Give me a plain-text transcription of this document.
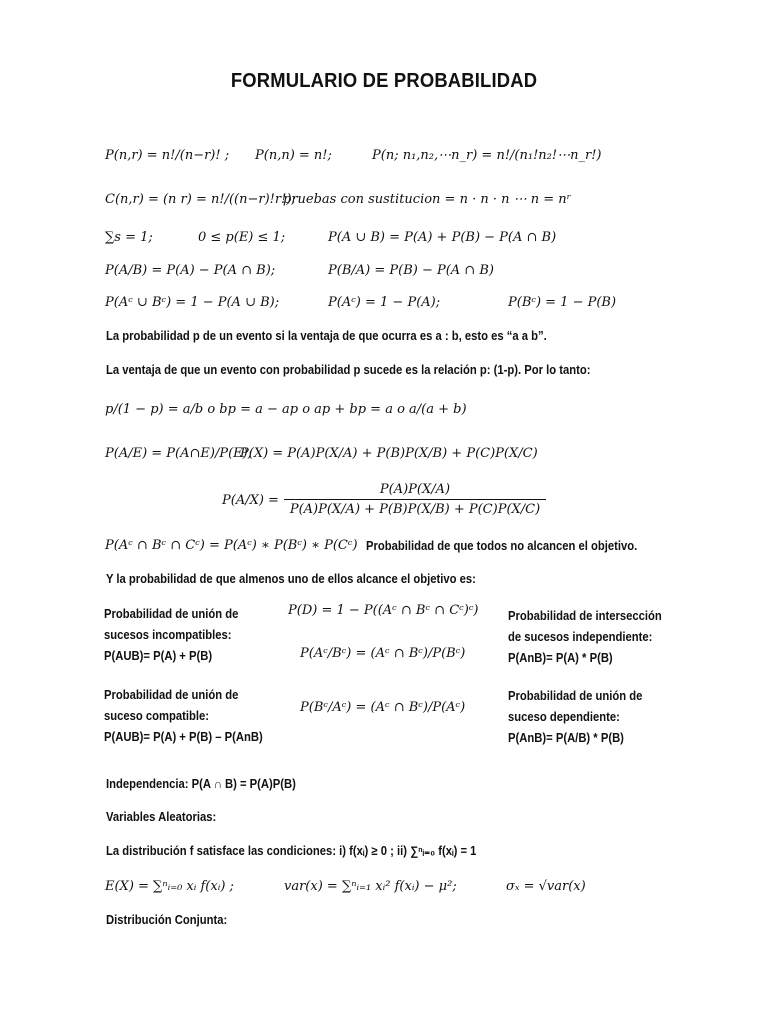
FORMULARIO DE PROBABILIDAD
P(n,r) = n!/(n−r)! ; P(n,n) = n!;	P(n; n₁,n₂,⋯n_r) = n!/(n₁!n₂!⋯n_r!)
C(n,r) = (n r) = n!/((n−r)!r!);
pruebas con sustitucion = n · n · n ⋯ n = nʳ
∑s = 1;	0 ≤ p(E) ≤ 1;	P(A ∪ B) = P(A) + P(B) − P(A ∩ B)
P(A/B) = P(A) − P(A ∩ B);	P(B/A) = P(B) − P(A ∩ B)
P(Aᶜ ∪ Bᶜ) = 1 − P(A ∪ B);	P(Aᶜ) = 1 − P(A);	P(Bᶜ) = 1 − P(B)
La probabilidad p de un evento si la ventaja de que ocurra es a : b, esto es “a a b”.
La ventaja de que un evento con probabilidad p sucede es la relación p: (1-p). Por lo tanto:
p/(1 − p) = a/b o bp = a − ap o ap + bp = a o a/(a + b)
P(A/E) = P(A∩E)/P(E);
P(X) = P(A)P(X/A) + P(B)P(X/B) + P(C)P(X/C)
$P(A/X) = \frac{P(A)P(X/A)}{P(A)P(X/A) + P(B)P(X/B) + P(C)P(X/C)}$
P(Aᶜ ∩ Bᶜ ∩ Cᶜ) = P(Aᶜ) ∗ P(Bᶜ) ∗ P(Cᶜ) Probabilidad de que todos no alcancen el objetivo.
Y la probabilidad de que almenos uno de ellos alcance el objetivo es:
Probabilidad de unión de
sucesos incompatibles:
P(AUB)= P(A) + P(B)
Probabilidad de unión de
suceso compatible:
P(AUB)= P(A) + P(B) – P(AnB)
P(D) = 1 − P((Aᶜ ∩ Bᶜ ∩ Cᶜ)ᶜ)
P(Aᶜ/Bᶜ) = (Aᶜ ∩ Bᶜ)/P(Bᶜ)
P(Bᶜ/Aᶜ) = (Aᶜ ∩ Bᶜ)/P(Aᶜ)
Probabilidad de intersección
de sucesos independiente:
P(AnB)= P(A) * P(B)
Probabilidad de unión de
suceso dependiente:
P(AnB)= P(A/B) * P(B)
Independencia: P(A ∩ B) = P(A)P(B)
Variables Aleatorias:
La distribución f satisface las condiciones: i) f(xᵢ) ≥ 0 ; ii) ∑ⁿᵢ₌₀ f(xᵢ) = 1
E(X) = ∑ⁿᵢ₌₀ xᵢ f(xᵢ) ;	var(x) = ∑ⁿᵢ₌₁ xᵢ² f(xᵢ) − μ²;	σₓ = √var(x)
Distribución Conjunta:
